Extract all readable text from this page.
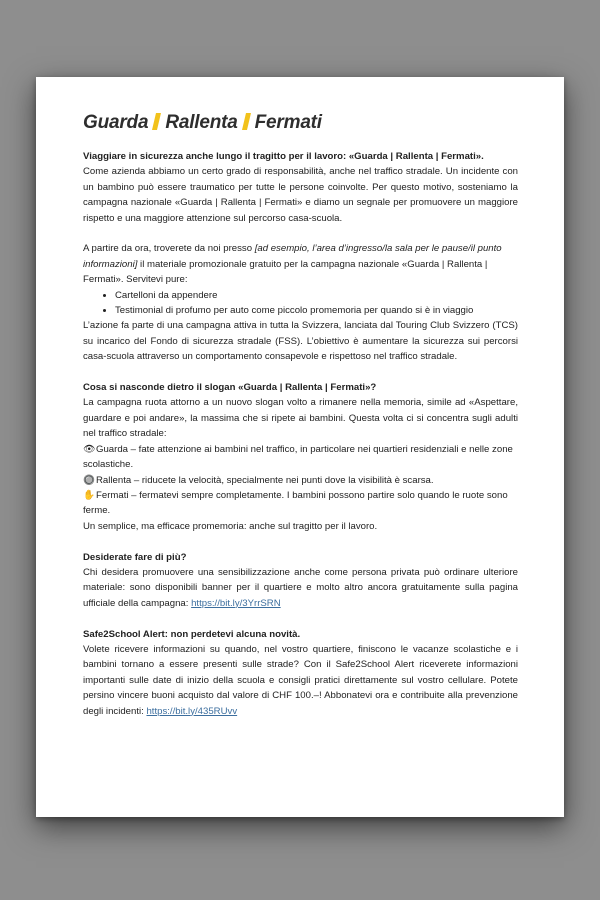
Guarda Rallenta Fermati

Viaggiare in sicurezza anche lungo il tragitto per il lavoro: «Guarda | Rallenta | Fermati».

Come azienda abbiamo un certo grado di responsabilità, anche nel traffico stradale. Un incidente con un bambino può essere traumatico per tutte le persone coinvolte. Per questo motivo, sosteniamo la campagna nazionale «Guarda | Rallenta | Fermati» e diamo un segnale per promuovere un maggiore rispetto e una maggiore attenzione sul percorso casa-scuola.

A partire da ora, troverete da noi presso [ad esempio, l’area d’ingresso/la sala per le pause/il punto informazioni] il materiale promozionale gratuito per la campagna nazionale «Guarda | Rallenta | Fermati». Servitevi pure:

• Cartelloni da appendere
• Testimonial di profumo per auto come piccolo promemoria per quando si è in viaggio

L’azione fa parte di una campagna attiva in tutta la Svizzera, lanciata dal Touring Club Svizzero (TCS) su incarico del Fondo di sicurezza stradale (FSS). L’obiettivo è aumentare la sicurezza sui percorsi casa-scuola attraverso un comportamento consapevole e rispettoso nel traffico stradale.

Cosa si nasconde dietro il slogan «Guarda | Rallenta | Fermati»?

La campagna ruota attorno a un nuovo slogan volto a rimanere nella memoria, simile ad «Aspettare, guardare e poi andare», la massima che si ripete ai bambini. Questa volta ci si concentra sugli adulti nel traffico stradale:

👁Guarda – fate attenzione ai bambini nel traffico, in particolare nei quartieri residenziali e nelle zone scolastiche.

🔘Rallenta – riducete la velocità, specialmente nei punti dove la visibilità è scarsa.

✋Fermati – fermatevi sempre completamente. I bambini possono partire solo quando le ruote sono ferme.

Un semplice, ma efficace promemoria: anche sul tragitto per il lavoro.

Desiderate fare di più?

Chi desidera promuovere una sensibilizzazione anche come persona privata può ordinare ulteriore materiale: sono disponibili banner per il quartiere e molto altro ancora gratuitamente sulla pagina ufficiale della campagna: https://bit.ly/3YrrSRN

Safe2School Alert: non perdetevi alcuna novità.

Volete ricevere informazioni su quando, nel vostro quartiere, finiscono le vacanze scolastiche e i bambini tornano a essere presenti sulle strade? Con il Safe2School Alert riceverete informazioni importanti sulle date di inizio della scuola e consigli pratici direttamente sul vostro cellulare. Potete persino vincere buoni acquisto dal valore di CHF 100.–! Abbonatevi ora e contribuite alla prevenzione degli incidenti: https://bit.ly/435RUvv
